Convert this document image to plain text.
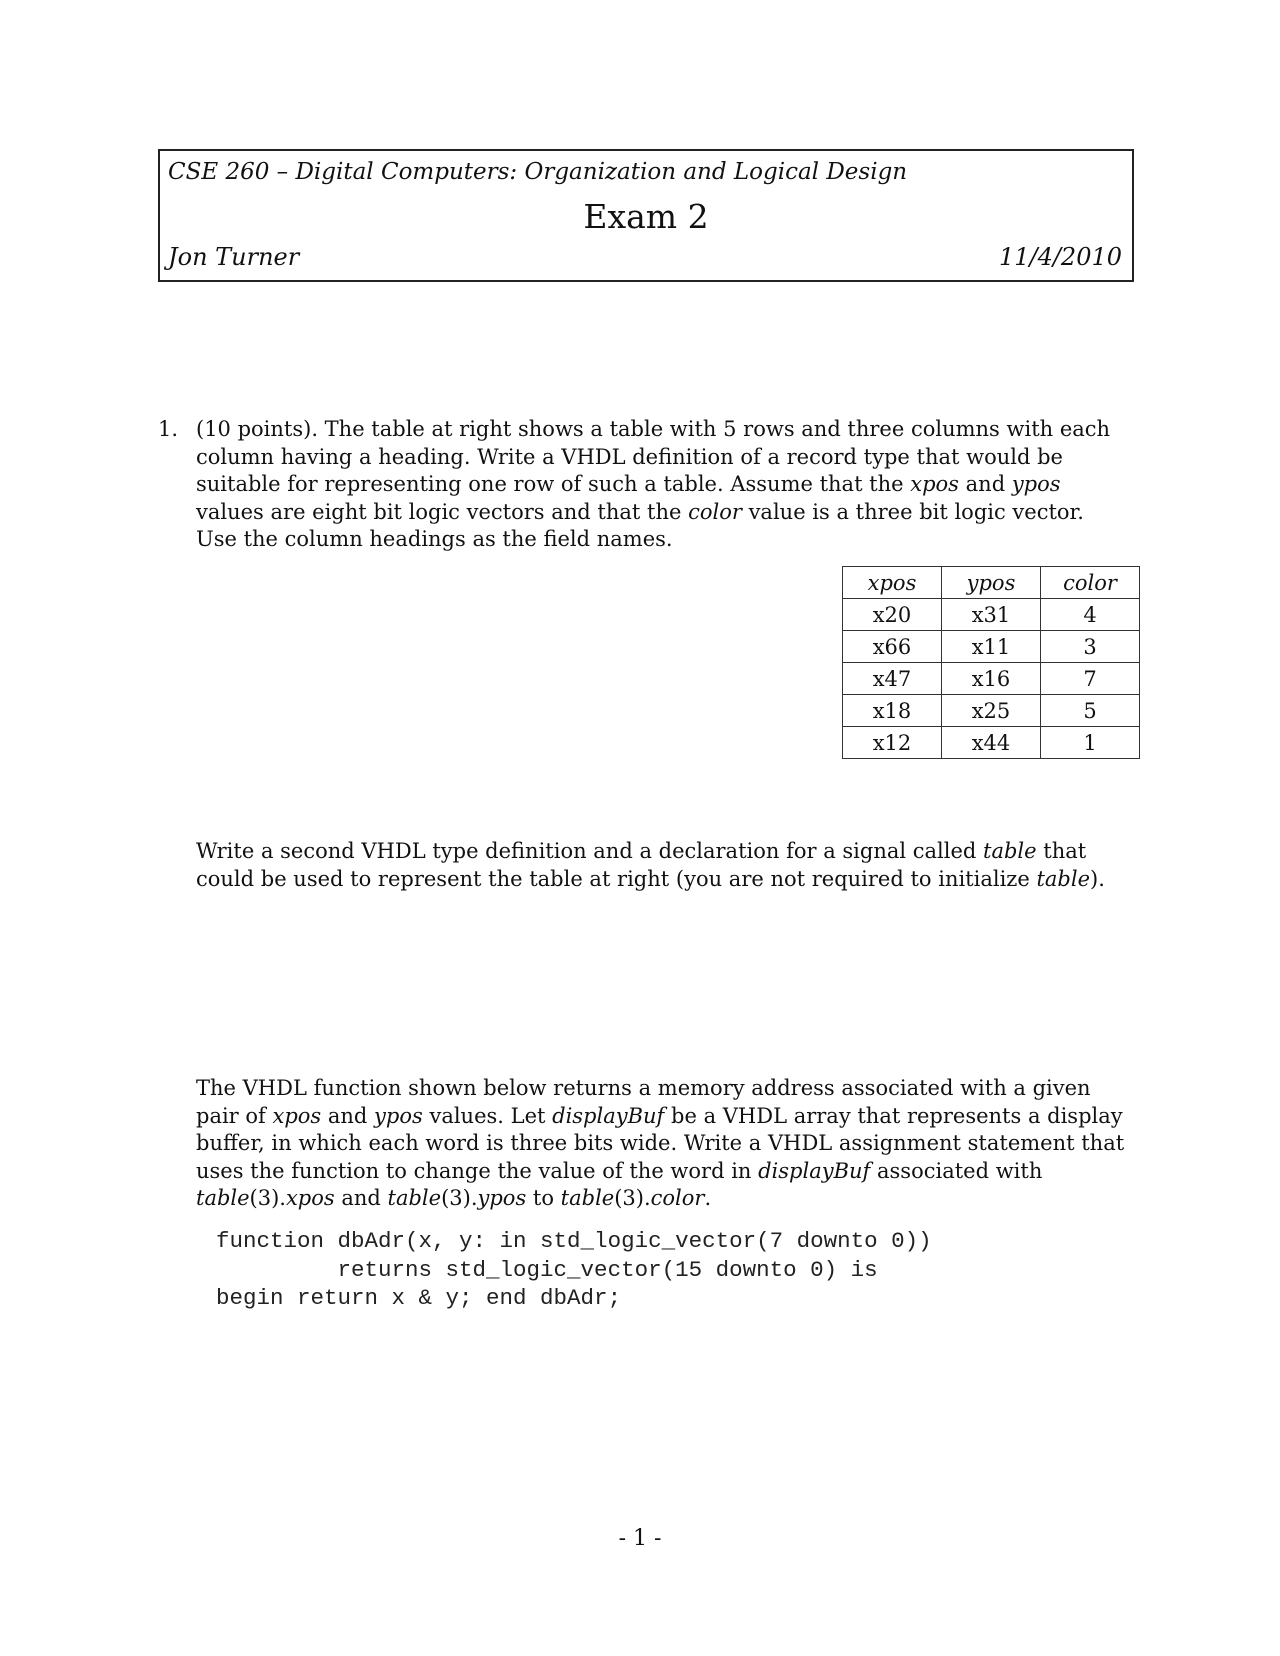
CSE 260 – Digital Computers: Organization and Logical Design
Exam 2
Jon Turner	11/4/2010
1. (10 points). The table at right shows a table with 5 rows and three columns with each column having a heading. Write a VHDL definition of a record type that would be suitable for representing one row of such a table. Assume that the xpos and ypos values are eight bit logic vectors and that the color value is a three bit logic vector. Use the column headings as the field names.
xpos	ypos	color
x20	x31	4
x66	x11	3
x47	x16	7
x18	x25	5
x12	x44	1
Write a second VHDL type definition and a declaration for a signal called table that could be used to represent the table at right (you are not required to initialize table).
The VHDL function shown below returns a memory address associated with a given pair of xpos and ypos values. Let displayBuf be a VHDL array that represents a display buffer, in which each word is three bits wide. Write a VHDL assignment statement that uses the function to change the value of the word in displayBuf associated with table(3).xpos and table(3).ypos to table(3).color.
function dbAdr(x, y: in std_logic_vector(7 downto 0))
returns std_logic_vector(15 downto 0) is
begin return x & y; end dbAdr;
- 1 -
